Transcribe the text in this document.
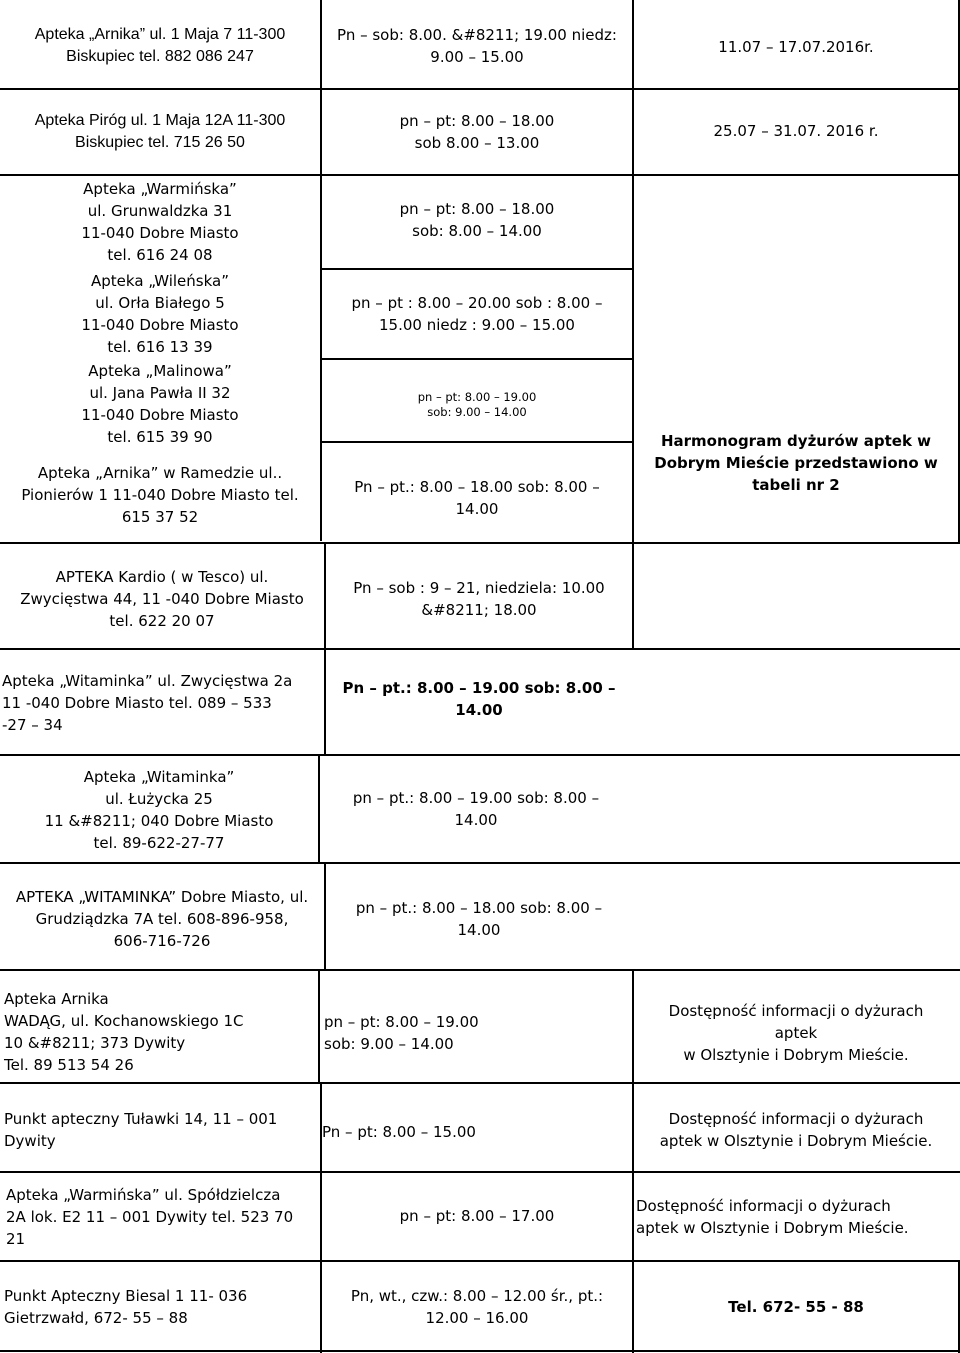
Apteka „Arnika” ul. 1 Maja 7 11-300
Biskupiec tel. 882 086 247
Pn – sob: 8.00. &#8211; 19.00 niedz:
9.00 – 15.00
11.07 – 17.07.2016r.
Apteka Piróg ul. 1 Maja 12A 11-300
Biskupiec tel. 715 26 50
pn – pt: 8.00 – 18.00
sob 8.00 – 13.00
25.07 – 31.07. 2016 r.
Apteka „Warmińska”
ul. Grunwaldzka 31
11-040 Dobre Miasto
tel. 616 24 08
pn – pt: 8.00 – 18.00
sob: 8.00 – 14.00
Apteka „Wileńska”
ul. Orła Białego 5
11-040 Dobre Miasto
tel. 616 13 39
pn – pt : 8.00 – 20.00 sob : 8.00 –
15.00 niedz : 9.00 – 15.00
Apteka „Malinowa”
ul. Jana Pawła II 32
11-040 Dobre Miasto
tel. 615 39 90
pn – pt: 8.00 – 19.00
sob: 9.00 – 14.00
Apteka „Arnika” w Ramedzie ul..
Pionierów 1 11-040 Dobre Miasto tel.
615 37 52
Pn – pt.: 8.00 – 18.00 sob: 8.00 –
14.00
Harmonogram dyżurów aptek w
Dobrym Mieście przedstawiono w
tabeli nr 2
APTEKA Kardio ( w Tesco) ul.
Zwycięstwa 44, 11 -040 Dobre Miasto
tel. 622 20 07
Pn – sob : 9 – 21, niedziela: 10.00
&#8211; 18.00
Apteka „Witaminka” ul. Zwycięstwa 2a
11 -040 Dobre Miasto tel. 089 – 533
-27 – 34
Pn – pt.: 8.00 – 19.00 sob: 8.00 –
14.00
Apteka „Witaminka”
ul. Łużycka 25
11 &#8211; 040 Dobre Miasto
tel. 89-622-27-77
pn – pt.: 8.00 – 19.00 sob: 8.00 –
14.00
APTEKA „WITAMINKA” Dobre Miasto, ul.
Grudziądzka 7A tel. 608-896-958,
606-716-726
pn – pt.: 8.00 – 18.00 sob: 8.00 –
14.00
Apteka Arnika
WADĄG, ul. Kochanowskiego 1C
10 &#8211; 373 Dywity
Tel. 89 513 54 26
pn – pt: 8.00 – 19.00
sob: 9.00 – 14.00
Dostępność informacji o dyżurach
aptek
w Olsztynie i Dobrym Mieście.
Punkt apteczny Tuławki 14, 11 – 001
Dywity	Pn – pt: 8.00 – 15.00
Dostępność informacji o dyżurach
aptek w Olsztynie i Dobrym Mieście.
Apteka „Warmińska” ul. Spółdzielcza
2A lok. E2 11 – 001 Dywity tel. 523 70
21
pn – pt: 8.00 – 17.00
Dostępność informacji o dyżurach
aptek w Olsztynie i Dobrym Mieście.
Punkt Apteczny Biesal 1 11- 036
Gietrzwałd, 672- 55 – 88
Pn, wt., czw.: 8.00 – 12.00 śr., pt.:
12.00 – 16.00
Tel. 672- 55 - 88
